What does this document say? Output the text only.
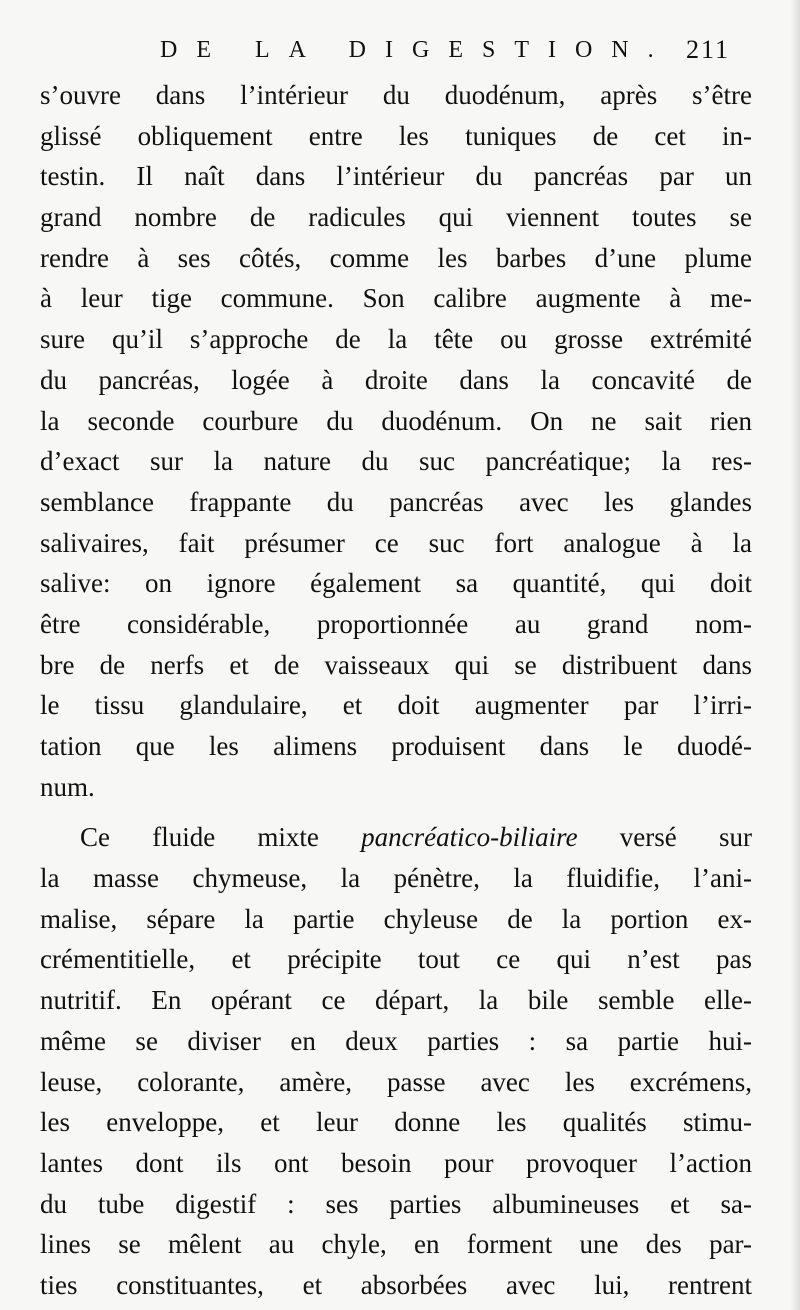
DE LA DIGESTION. 211
s’ouvre dans l’intérieur du duodénum, après s’être
glissé obliquement entre les tuniques de cet in-
testin. Il naît dans l’intérieur du pancréas par un
grand nombre de radicules qui viennent toutes se
rendre à ses côtés, comme les barbes d’une plume
à leur tige commune. Son calibre augmente à me-
sure qu’il s’approche de la tête ou grosse extrémité
du pancréas, logée à droite dans la concavité de
la seconde courbure du duodénum. On ne sait rien
d’exact sur la nature du suc pancréatique; la res-
semblance frappante du pancréas avec les glandes
salivaires, fait présumer ce suc fort analogue à la
salive: on ignore également sa quantité, qui doit
être considérable, proportionnée au grand nom-
bre de nerfs et de vaisseaux qui se distribuent dans
le tissu glandulaire, et doit augmenter par l’irri-
tation que les alimens produisent dans le duodé-
num.
Ce fluide mixte pancréatico-biliaire versé sur
la masse chymeuse, la pénètre, la fluidifie, l’ani-
malise, sépare la partie chyleuse de la portion ex-
crémentitielle, et précipite tout ce qui n’est pas
nutritif. En opérant ce départ, la bile semble elle-
même se diviser en deux parties : sa partie hui-
leuse, colorante, amère, passe avec les excrémens,
les enveloppe, et leur donne les qualités stimu-
lantes dont ils ont besoin pour provoquer l’action
du tube digestif : ses parties albumineuses et sa-
lines se mêlent au chyle, en forment une des par-
ties constituantes, et absorbées avec lui, rentrent
